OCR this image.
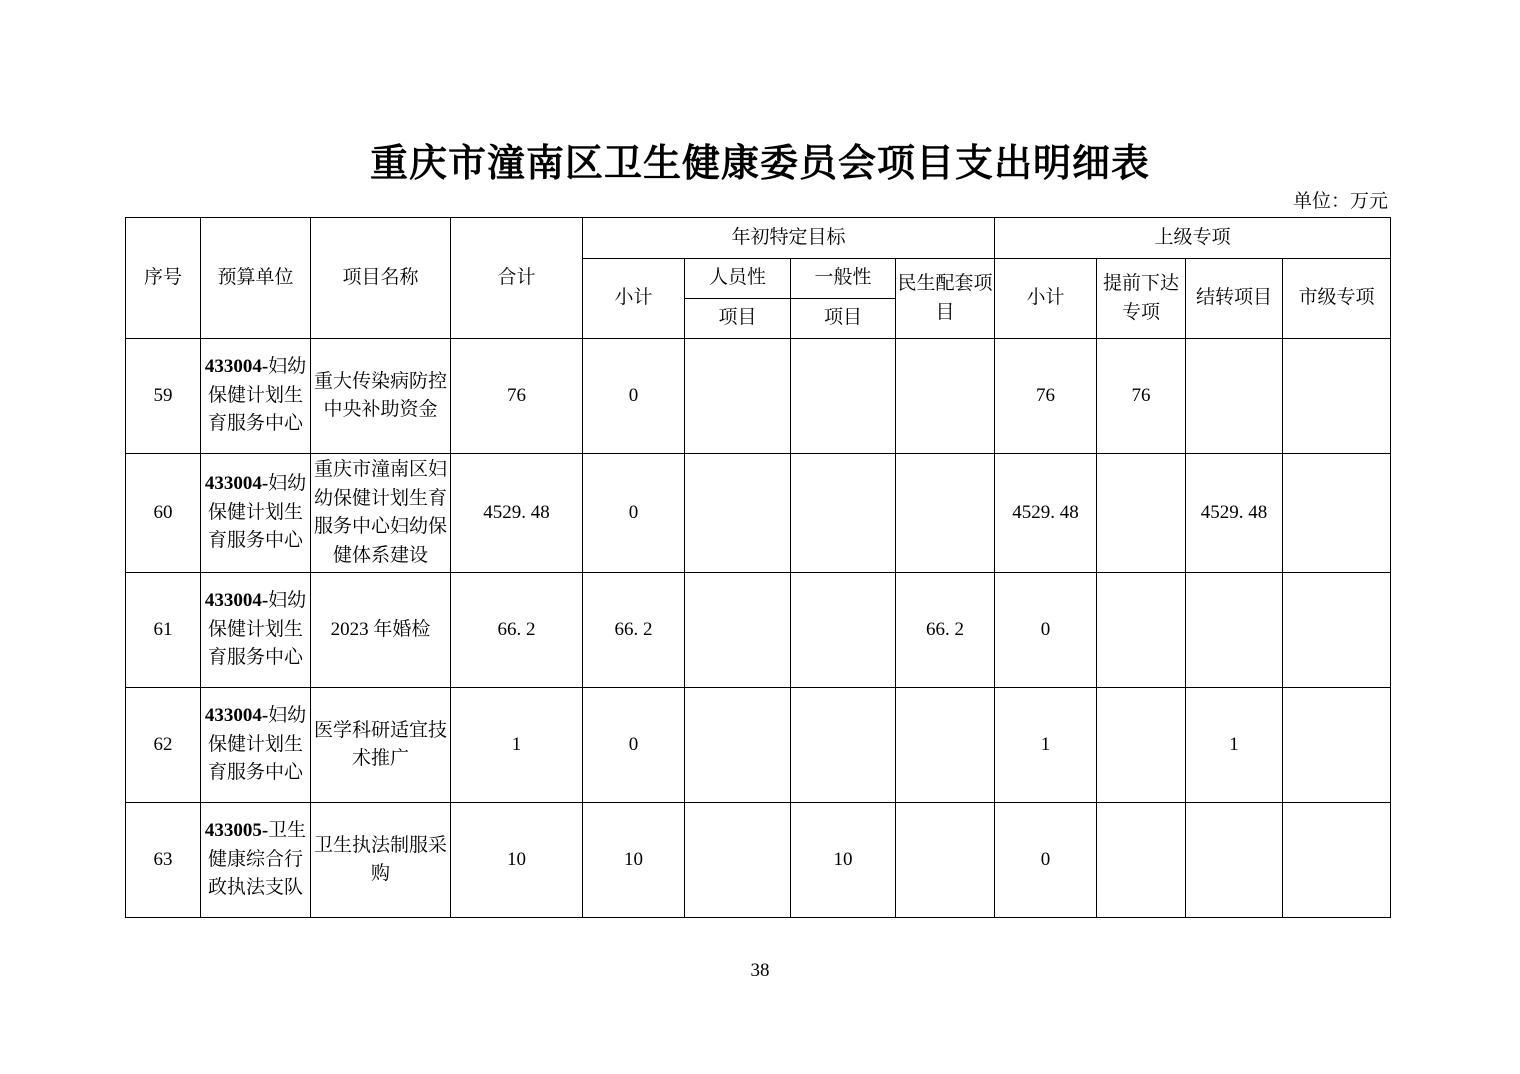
重庆市潼南区卫生健康委员会项目支出明细表
单位：万元
序号	预算单位	项目名称	合计	年初特定目标				上级专项			
				小计	人员性	一般性	民生配套项目	小计	提前下达专项	结转项目	市级专项
					项目	项目					
59	433004-妇幼保健计划生育服务中心	重大传染病防控中央补助资金	76	0				76	76		
60	433004-妇幼保健计划生育服务中心	重庆市潼南区妇幼保健计划生育服务中心妇幼保健体系建设	4529. 48	0				4529. 48		4529. 48	
61	433004-妇幼保健计划生育服务中心	2023 年婚检	66. 2	66. 2			66. 2	0			
62	433004-妇幼保健计划生育服务中心	医学科研适宜技术推广	1	0				1		1	
63	433005-卫生健康综合行政执法支队	卫生执法制服采购	10	10		10		0			
38
